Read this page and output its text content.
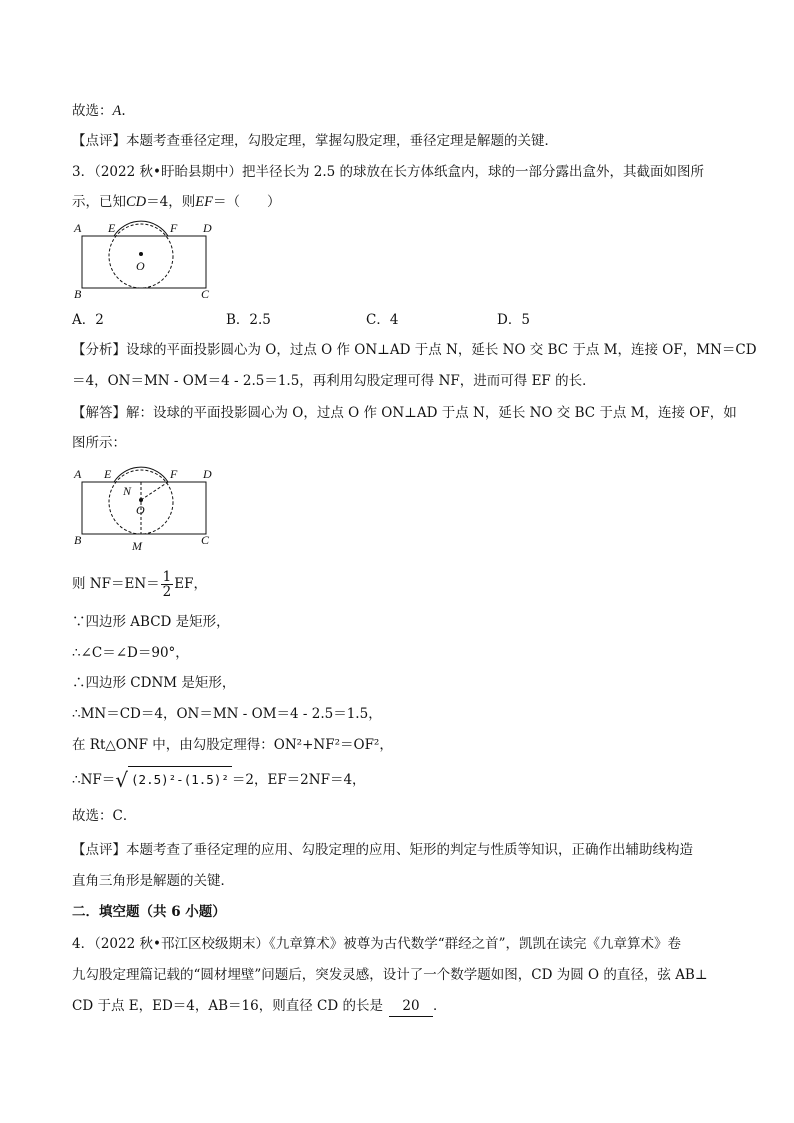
故选：A.
【点评】本题考查垂径定理，勾股定理，掌握勾股定理，垂径定理是解题的关键．
3．（2022 秋•盱眙县期中）把半径长为 2.5 的球放在长方体纸盒内，球的一部分露出盒外，其截面如图所
示，已知CD＝4，则EF＝（　　）
A E	F D
O
B	C
A．2	B．2.5	C．4	D．5
【分析】设球的平面投影圆心为 O，过点 O 作 ON⊥AD 于点 N，延长 NO 交 BC 于点 M，连接 OF，MN＝CD
＝4，ON＝MN - OM＝4 - 2.5＝1.5，再利用勾股定理可得 NF，进而可得 EF 的长．
【解答】解：设球的平面投影圆心为 O，过点 O 作 ON⊥AD 于点 N，延长 NO 交 BC 于点 M，连接 OF，如
图所示：
A E	F D
N
O
B	C
M
则 $NF=EN= \frac{1}{2}$ EF，
∵四边形 ABCD 是矩形，
∴∠C＝∠D＝90°，
∴四边形 CDNM 是矩形，
∴MN＝CD＝4，ON＝MN - OM＝4 - 2.5＝1.5，
在 Rt△ONF 中，由勾股定理得：ON²+NF²＝OF²，
∴NF＝√ (2.5)²-(1.5)² ＝2，EF＝2NF＝4，
故选：C．
【点评】本题考查了垂径定理的应用、勾股定理的应用、矩形的判定与性质等知识，正确作出辅助线构造
直角三角形是解题的关键．
二．填空题（共 6 小题）
4．（2022 秋•邗江区校级期末）《九章算术》被尊为古代数学“群经之首”，凯凯在读完《九章算术》卷
九勾股定理篇记载的“圆材埋壁”问题后，突发灵感，设计了一个数学题如图，CD 为圆 O 的直径，弦 AB⊥
CD 于点 E，ED＝4，AB＝16，则直径 CD 的长是 20 ．
